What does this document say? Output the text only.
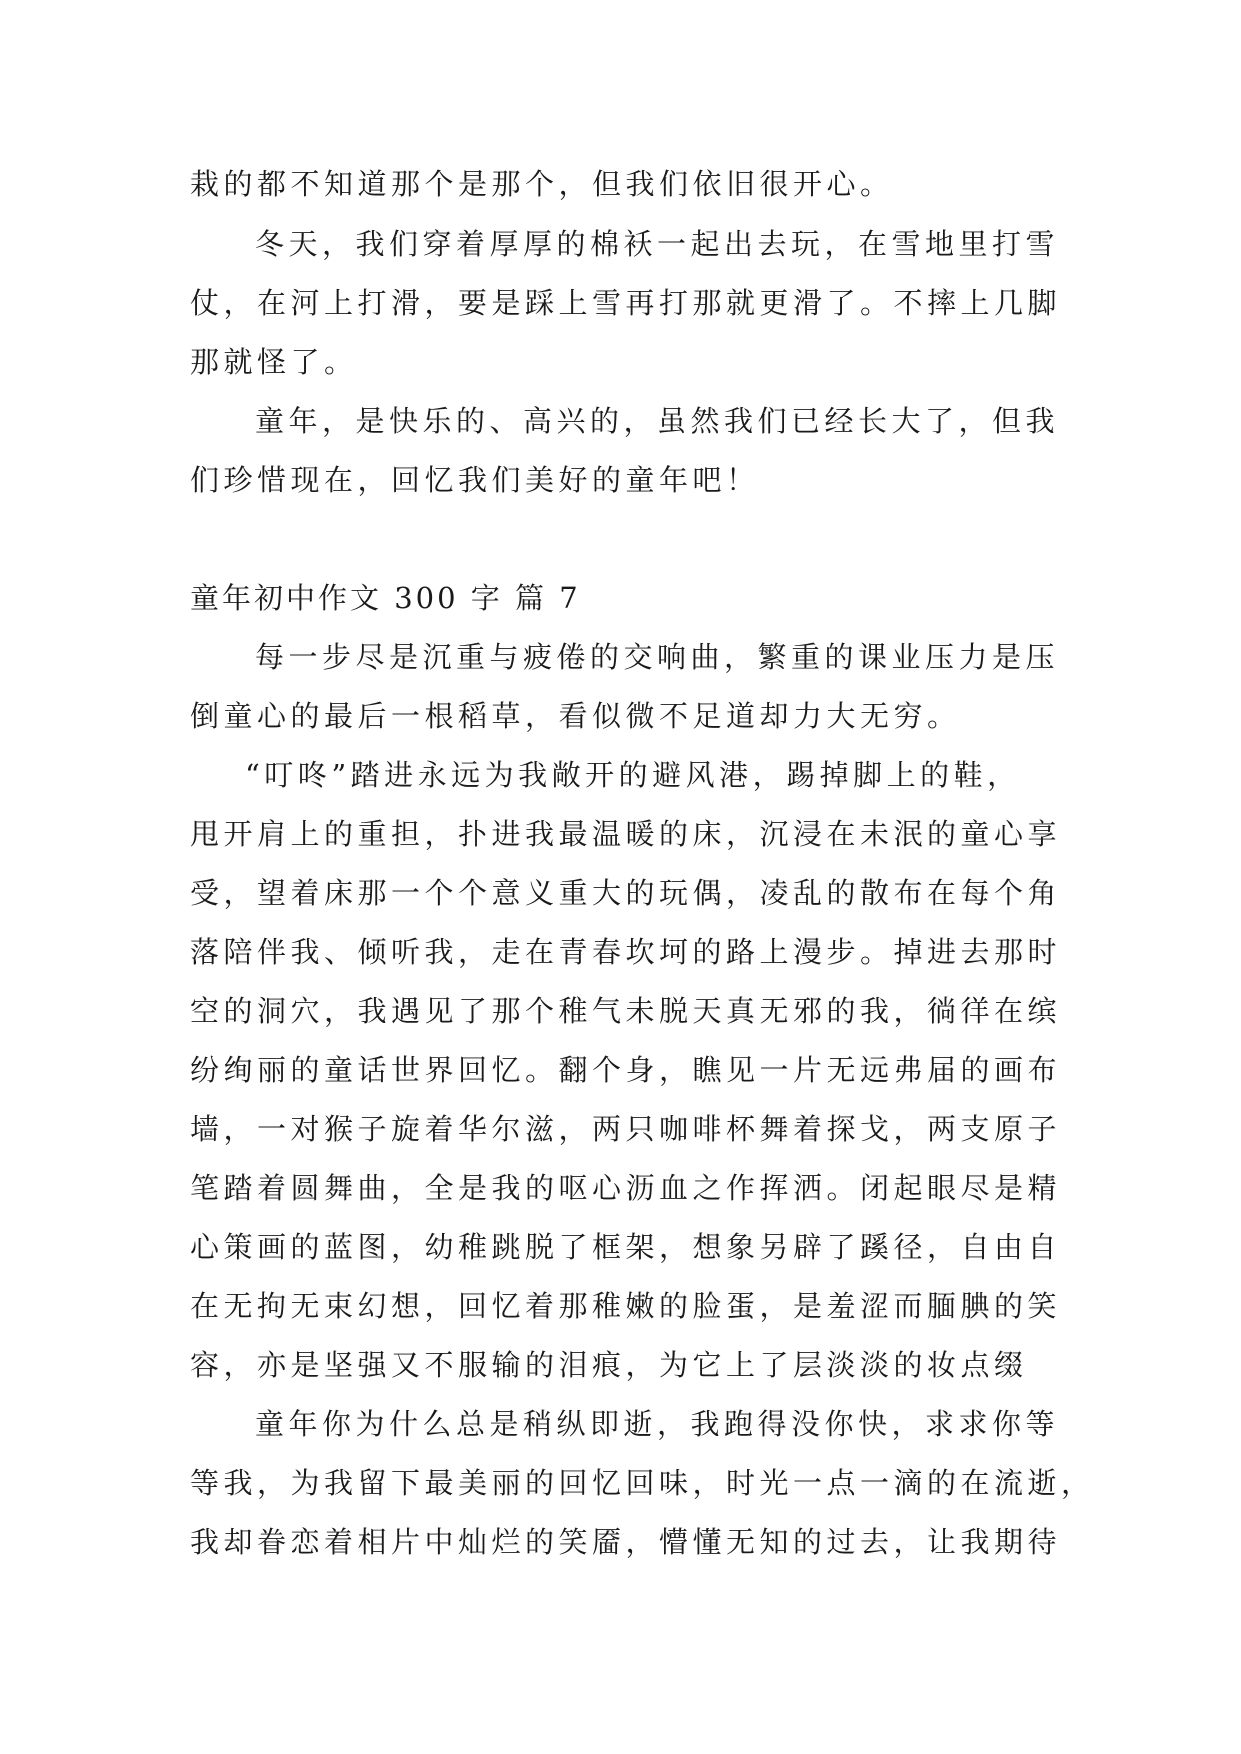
栽的都不知道那个是那个，但我们依旧很开心。

冬天，我们穿着厚厚的棉袄一起出去玩，在雪地里打雪

仗，在河上打滑，要是踩上雪再打那就更滑了。不摔上几脚

那就怪了。

童年，是快乐的、高兴的，虽然我们已经长大了，但我

们珍惜现在，回忆我们美好的童年吧！

童年初中作文 300 字 篇 7

每一步尽是沉重与疲倦的交响曲，繁重的课业压力是压

倒童心的最后一根稻草，看似微不足道却力大无穷。

“叮咚”踏进永远为我敞开的避风港，踢掉脚上的鞋，

甩开肩上的重担，扑进我最温暖的床，沉浸在未泯的童心享

受，望着床那一个个意义重大的玩偶，凌乱的散布在每个角

落陪伴我、倾听我，走在青春坎坷的路上漫步。掉进去那时

空的洞穴，我遇见了那个稚气未脱天真无邪的我，徜徉在缤

纷绚丽的童话世界回忆。翻个身，瞧见一片无远弗届的画布

墙，一对猴子旋着华尔滋，两只咖啡杯舞着探戈，两支原子

笔踏着圆舞曲，全是我的呕心沥血之作挥洒。闭起眼尽是精

心策画的蓝图，幼稚跳脱了框架，想象另辟了蹊径，自由自

在无拘无束幻想，回忆着那稚嫩的脸蛋，是羞涩而腼腆的笑

容，亦是坚强又不服输的泪痕，为它上了层淡淡的妆点缀

童年你为什么总是稍纵即逝，我跑得没你快，求求你等

等我，为我留下最美丽的回忆回味，时光一点一滴的在流逝，

我却眷恋着相片中灿烂的笑靥，懵懂无知的过去，让我期待
